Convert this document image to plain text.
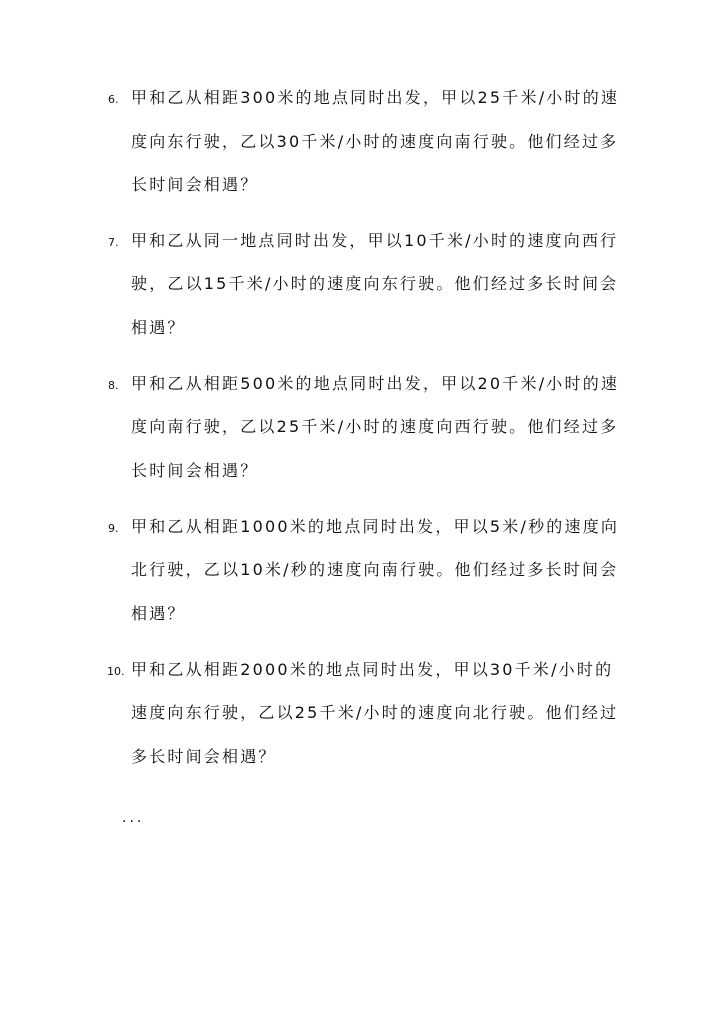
6. 甲和乙从相距300米的地点同时出发，甲以25千米/小时的速
度向东行驶，乙以30千米/小时的速度向南行驶。他们经过多
长时间会相遇？
7. 甲和乙从同一地点同时出发，甲以10千米/小时的速度向西行
驶，乙以15千米/小时的速度向东行驶。他们经过多长时间会
相遇？
8. 甲和乙从相距500米的地点同时出发，甲以20千米/小时的速
度向南行驶，乙以25千米/小时的速度向西行驶。他们经过多
长时间会相遇？
9. 甲和乙从相距1000米的地点同时出发，甲以5米/秒的速度向
北行驶，乙以10米/秒的速度向南行驶。他们经过多长时间会
相遇？
10. 甲和乙从相距2000米的地点同时出发，甲以30千米/小时的
速度向东行驶，乙以25千米/小时的速度向北行驶。他们经过
多长时间会相遇？
...
